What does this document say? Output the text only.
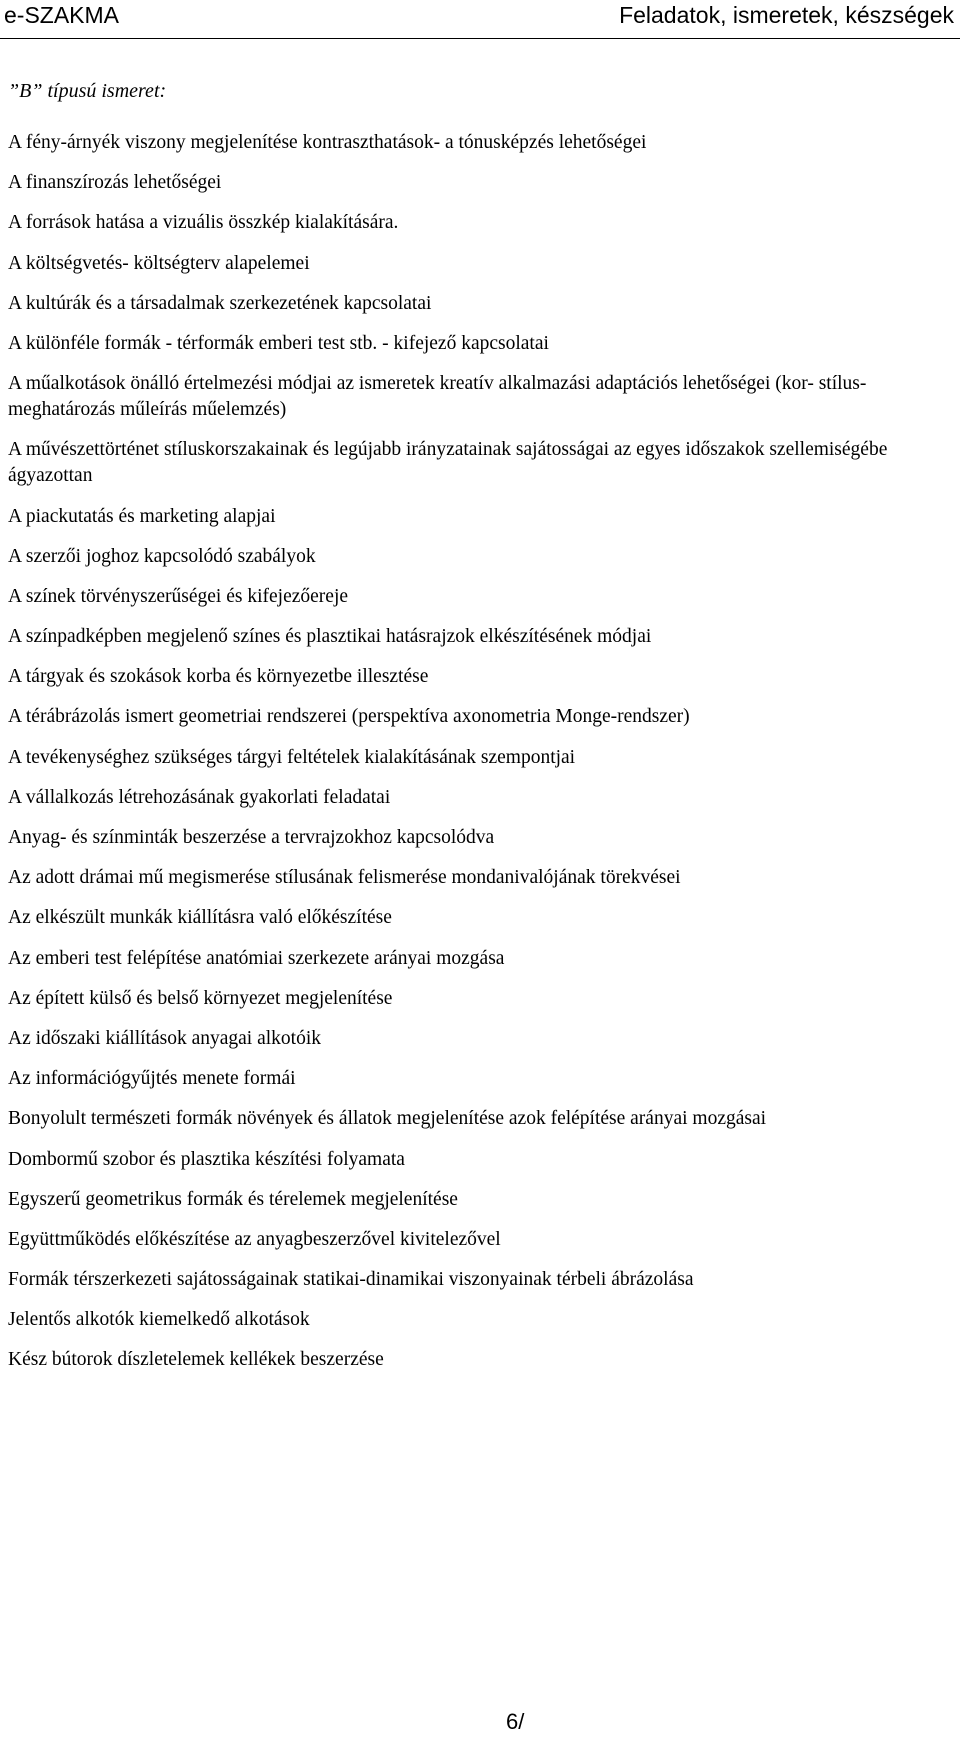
e-SZAKMA	Feladatok, ismeretek, készségek
”B” típusú ismeret:
A fény-árnyék viszony megjelenítése kontraszthatások- a tónusképzés lehetőségei
A finanszírozás lehetőségei
A források hatása a vizuális összkép kialakítására.
A költségvetés- költségterv alapelemei
A kultúrák és a társadalmak szerkezetének kapcsolatai
A különféle formák - térformák emberi test stb. - kifejező kapcsolatai
A műalkotások önálló értelmezési módjai az ismeretek kreatív alkalmazási adaptációs lehetőségei (kor- stílus-meghatározás műleírás műelemzés)
A művészettörténet stíluskorszakainak és legújabb irányzatainak sajátosságai az egyes időszakok szellemiségébe ágyazottan
A piackutatás és marketing alapjai
A szerzői joghoz kapcsolódó szabályok
A színek törvényszerűségei és kifejezőereje
A színpadképben megjelenő színes és plasztikai hatásrajzok elkészítésének módjai
A tárgyak és szokások korba és környezetbe illesztése
A térábrázolás ismert geometriai rendszerei (perspektíva axonometria Monge-rendszer)
A tevékenységhez szükséges tárgyi feltételek kialakításának szempontjai
A vállalkozás létrehozásának gyakorlati feladatai
Anyag- és színminták beszerzése a tervrajzokhoz kapcsolódva
Az adott drámai mű megismerése stílusának felismerése mondanivalójának törekvései
Az elkészült munkák kiállításra való előkészítése
Az emberi test felépítése anatómiai szerkezete arányai mozgása
Az épített külső és belső környezet megjelenítése
Az időszaki kiállítások anyagai alkotóik
Az információgyűjtés menete formái
Bonyolult természeti formák növények és állatok megjelenítése azok felépítése arányai mozgásai
Dombormű szobor és plasztika készítési folyamata
Egyszerű geometrikus formák és térelemek megjelenítése
Együttműködés előkészítése az anyagbeszerzővel kivitelezővel
Formák térszerkezeti sajátosságainak statikai-dinamikai viszonyainak térbeli ábrázolása
Jelentős alkotók kiemelkedő alkotások
Kész bútorok díszletelemek kellékek beszerzése
6/
